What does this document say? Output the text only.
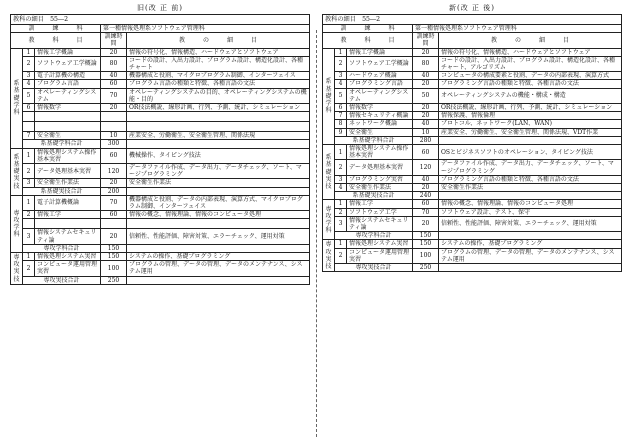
旧(改 正 前)
教科の細目　55―2
訓　　　練　　　科			第一種情報処理系ソフトウェア管理科	
教　　　科　　　目			訓練時間	教　　　の　　　細　　　目
系
基
礎
学
科	1	情報工学概論	20	情報の符号化、情報構造、ハードウェアとソフトウェア
	2	ソフトウェア工学概論	80	コードの設計、入出力設計、プログラム設計、構造化設計、各種チャート
	3	電子計算機の構造	40	機器構成と役割、マイクロプログラム制御、インターフェイス
	4	プログラム言語	60	プログラム言語の種類と特徴、各種言語の文法
	5	オペレーティングシステム	70	オペレーティングシステムの目的、オペレーティングシステムの機能・目的
	6	情報数学	20	OR技法概説、線形計画、行列、予測、統計、シミュレーション

	7	安全衛生	10	産業安全、労働衛生、安全衛生管理、関係法規
	系基礎学科合計		300	
系
基
礎
実
技	1	情報処理システム操作基本実習	60	機械操作、タイピング技法
	2	データ処理基本実習	120	データファイル作成、データ出力、データチェック、ソート、マージプログラミング
	3	安全衛生作業法	20	安全衛生作業法
	系基礎実技合計		200	
専
攻
学
科	1	電子計算機概論	70	機器構成と役割、データの内部表現、演算方式、マイクロプログラム制御、インターフェイス
	2	情報工学	60	情報の概念、情報理論、情報のコンピュータ処理

	3	情報システムセキュリティ論	20	信頼性、性能評価、障害対策、エラーチェック、運用対策
	専攻学科合計		150	
専
攻
実
技	1	情報処理システム実習	150	システムの操作、基礎プログラミング
	2	コンピュータ運用管理実習	100	プログラムの管理、データの管理、データのメンテナンス、システム運用
	専攻実技合計		250	
新(改 正 後)
教科の細目　55―2
訓　　　練　　　科			第一種情報処理系ソフトウェア管理科	
教　　　科　　　目			訓練時間	教　　　の　　　細　　　目
系
基
礎
学
科	1	情報工学概論	20	情報の符号化、情報構造、ハードウェアとソフトウェア
	2	ソフトウェア工学概論	80	コードの設計、入出力設計、プログラム設計、構造化設計、各種チャート、アルゴリズム
	3	ハードウェア概論	40	コンピュータの構成要素と役割、データの内部表現、演算方式
	4	プログラミング言語	20	プログラミング言語の種類と特徴、各種言語の文法
	5	オペレーティングシステム	50	オペレーティングシステムの機能・構成・構造
	6	情報数学	20	OR技法概説、線形計画、行列、予測、統計、シミュレーション
	7	情報セキュリティ概論	20	情報保護、情報倫理
	8	ネットワーク概論	40	プロトコル、ネットワーク(LAN、WAN)
	9	安全衛生	10	産業安全、労働衛生、安全衛生管理、関係法規、VDT作業
	系基礎学科合計		280	
系
基
礎
実
技	1	情報処理システム操作基本実習	60	OSとビジネスソフトのオペレーション、タイピング技法
	2	データ処理基本実習	120	データファイル作成、データ出力、データチェック、ソート、マージプログラミング
	3	プログラミング実習	40	プログラミング言語の種類と特徴、各種言語の文法
	4	安全衛生作業法	20	安全衛生作業法
	系基礎実技合計		240	
専
攻
学
科	1	情報工学	60	情報の概念、情報理論、情報のコンピュータ処理
	2	ソフトウェア工学	70	ソフトウェア設計、テスト、保守
	3	情報システムセキュリティ論	20	信頼性、性能評価、障害対策、エラーチェック、運用対策
	専攻学科合計		150	
専
攻
実
技	1	情報処理システム実習	150	システムの操作、基礎プログラミング
	2	コンピュータ運用管理実習	100	プログラムの管理、データの管理、データのメンテナンス、システム運用
	専攻実技合計		250	
